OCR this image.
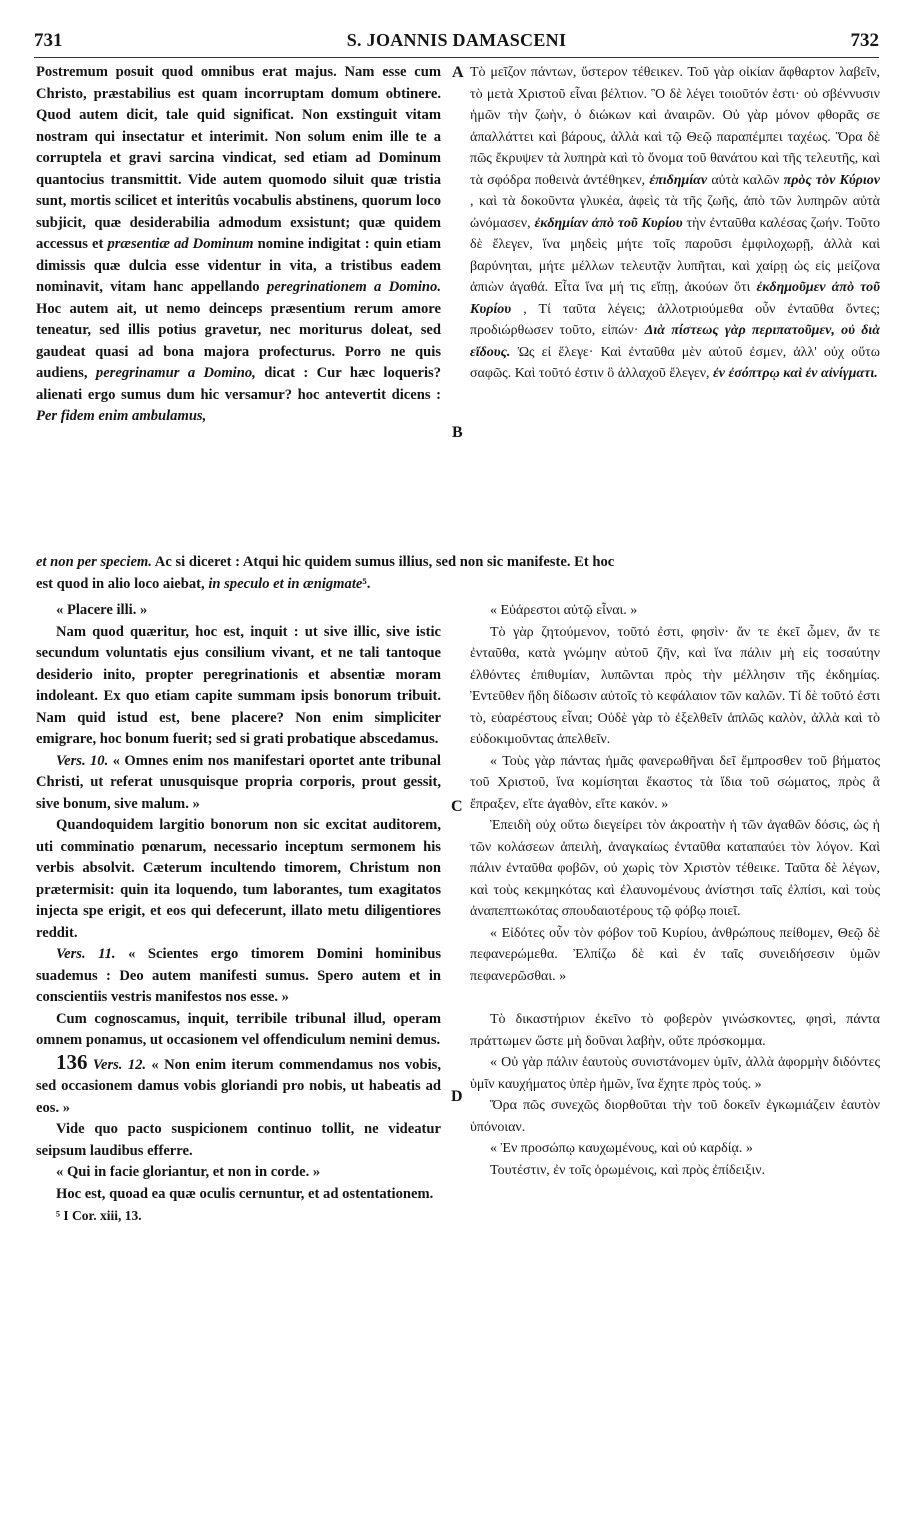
731	S. JOANNIS DAMASCENI	732

Postremum posuit quod omnibus erat majus. Nam esse cum Christo, præstabilius est quam incorruptam domum obtinere. Quod autem dicit, tale quid significat. Non exstinguit vitam nostram qui insectatur et interimit. Non solum enim ille te a corruptela et gravi sarcina vindicat, sed etiam ad Dominum quantocius transmittit. Vide autem quomodo siluit quæ tristia sunt, mortis scilicet et interitûs vocabulis abstinens, quorum loco subjicit, quæ desiderabilia admodum exsistunt; quæ quidem accessus et præsentiæ ad Dominum nomine indigitat : quin etiam dimissis quæ dulcia esse videntur in vita, a tristibus eadem nominavit, vitam hanc appellando peregrinationem a Domino. Hoc autem ait, ut nemo deinceps præsentium rerum amore teneatur, sed illis potius gravetur, nec moriturus doleat, sed gaudeat quasi ad bona majora profecturus. Porro ne quis audiens, peregrinamur a Domino, dicat : Cur hæc loqueris? alienati ergo sumus dum hic versamur? hoc antevertit dicens : Per fidem enim ambulamus,

Τὸ μεῖζον πάντων, ὕστερον τέθεικεν. Τοῦ γὰρ οἰκίαν ἄφθαρτον λαβεῖν, τὸ μετὰ Χριστοῦ εἶναι βέλτιον. Ὃ δὲ λέγει τοιοῦτόν ἐστι· οὐ σβέννυσιν ἡμῶν τὴν ζωὴν, ὁ διώκων καὶ ἀναιρῶν. Οὐ γὰρ μόνον φθορᾶς σε ἀπαλλάττει καὶ βάρους, ἀλλὰ καὶ τῷ Θεῷ παραπέμπει ταχέως. Ὅρα δὲ πῶς ἔκρυψεν τὰ λυπηρὰ καὶ τὸ ὄνομα τοῦ θανάτου καὶ τῆς τελευτῆς, καὶ τὰ σφόδρα ποθεινὰ ἀντέθηκεν, ἐπιδημίαν αὐτὰ καλῶν πρὸς τὸν Κύριον , καὶ τὰ δοκοῦντα γλυκέα, ἀφεὶς τὰ τῆς ζωῆς, ἀπὸ τῶν λυπηρῶν αὐτὰ ὠνόμασεν, ἐκδημίαν ἀπὸ τοῦ Κυρίου τὴν ἐνταῦθα καλέσας ζωήν. Τοῦτο δὲ ἔλεγεν, ἵνα μηδεὶς μήτε τοῖς παροῦσι ἐμφιλοχωρῇ, ἀλλὰ καὶ βαρύνηται, μήτε μέλλων τελευτᾷν λυπῆται, καὶ χαίρῃ ὡς εἰς μείζονα ἀπιὼν ἀγαθά. Εἶτα ἵνα μή τις εἴπῃ, ἀκούων ὅτι ἐκδημοῦμεν ἀπὸ τοῦ Κυρίου , Τί ταῦτα λέγεις; ἀλλοτριούμεθα οὖν ἐνταῦθα ὄντες; προδιώρθωσεν τοῦτο, εἰπών· Διὰ πίστεως γὰρ περιπατοῦμεν, οὐ διὰ εἴδους. Ὡς εἰ ἔλεγε· Καὶ ἐνταῦθα μὲν αὐτοῦ ἐσμεν, ἀλλ' οὐχ οὕτω σαφῶς. Καὶ τοῦτό ἐστιν ὃ ἀλλαχοῦ ἔλεγεν, ἐν ἐσόπτρῳ καὶ ἐν αἰνίγματι.

et non per speciem. Ac si diceret : Atqui hic quidem sumus illius, sed non sic manifeste. Et hoc

est quod in alio loco aiebat, in speculo et in ænigmate⁵.

« Placere illi. »
Nam quod quæritur, hoc est, inquit : ut sive illic, sive istic secundum voluntatis ejus consilium vivant, et ne tali tantoque desiderio inito, propter peregrinationis et absentiæ moram indoleant. Ex quo etiam capite summam ipsis bonorum tribuit. Nam quid istud est, bene placere? Non enim simpliciter emigrare, hoc bonum fuerit; sed si grati probatique abscedamus.
Vers. 10. « Omnes enim nos manifestari oportet ante tribunal Christi, ut referat unusquisque propria corporis, prout gessit, sive bonum, sive malum. »
Quandoquidem largitio bonorum non sic excitat auditorem, uti comminatio pœnarum, necessario inceptum sermonem his verbis absolvit. Cæterum incultendo timorem, Christum non prætermisit: quin ita loquendo, tum laborantes, tum exagitatos injecta spe erigit, et eos qui defecerunt, illato metu diligentiores reddit.
Vers. 11. « Scientes ergo timorem Domini hominibus suademus : Deo autem manifesti sumus. Spero autem et in conscientiis vestris manifestos nos esse. »
Cum cognoscamus, inquit, terribile tribunal illud, operam omnem ponamus, ut occasionem vel offendiculum nemini demus.
136 Vers. 12. « Non enim iterum commendamus nos vobis, sed occasionem damus vobis gloriandi pro nobis, ut habeatis ad eos. »
Vide quo pacto suspicionem continuo tollit, ne videatur seipsum laudibus efferre.
« Qui in facie gloriantur, et non in corde. »
Hoc est, quoad ea quæ oculis cernuntur, et ad ostentationem.
⁵ I Cor. xiii, 13.
« Εὐάρεστοι αὐτῷ εἶναι. »
Τὸ γὰρ ζητούμενον, τοῦτό ἐστι, φησὶν· ἄν τε ἐκεῖ ὦμεν, ἄν τε ἐνταῦθα, κατὰ γνώμην αὐτοῦ ζῆν, καὶ ἵνα πάλιν μὴ εἰς τοσαύτην ἐλθόντες ἐπιθυμίαν, λυπῶνται πρὸς τὴν μέλλησιν τῆς ἐκδημίας. Ἐντεῦθεν ἤδη δίδωσιν αὐτοῖς τὸ κεφάλαιον τῶν καλῶν. Τί δὲ τοῦτό ἐστι τὸ, εὐαρέστους εἶναι; Οὐδὲ γὰρ τὸ ἐξελθεῖν ἁπλῶς καλὸν, ἀλλὰ καὶ τὸ εὐδοκιμοῦντας ἀπελθεῖν.
« Τοὺς γὰρ πάντας ἡμᾶς φανερωθῆναι δεῖ ἔμπροσθεν τοῦ βήματος τοῦ Χριστοῦ, ἵνα κομίσηται ἕκαστος τὰ ἴδια τοῦ σώματος, πρὸς ἃ ἔπραξεν, εἴτε ἀγαθὸν, εἴτε κακόν. »
Ἐπειδὴ οὐχ οὕτω διεγείρει τὸν ἀκροατὴν ἡ τῶν ἀγαθῶν δόσις, ὡς ἡ τῶν κολάσεων ἀπειλὴ, ἀναγκαίως ἐνταῦθα καταπαύει τὸν λόγον. Καὶ πάλιν ἐνταῦθα φοβῶν, οὐ χωρὶς τὸν Χριστὸν τέθεικε. Ταῦτα δὲ λέγων, καὶ τοὺς κεκμηκότας καὶ ἐλαυνομένους ἀνίστησι ταῖς ἐλπίσι, καὶ τοὺς ἀναπεπτωκότας σπουδαιοτέρους τῷ φόβῳ ποιεῖ.
« Εἰδότες οὖν τὸν φόβον τοῦ Κυρίου, ἀνθρώπους πείθομεν, Θεῷ δὲ πεφανερώμεθα. Ἐλπίζω δὲ καὶ ἐν ταῖς συνειδήσεσιν ὑμῶν πεφανερῶσθαι. »
Τὸ δικαστήριον ἐκεῖνο τὸ φοβερὸν γινώσκοντες, φησὶ, πάντα πράττωμεν ὥστε μὴ δοῦναι λαβὴν, οὔτε πρόσκομμα.
« Οὐ γὰρ πάλιν ἑαυτοὺς συνιστάνομεν ὑμῖν, ἀλλὰ ἀφορμὴν διδόντες ὑμῖν καυχήματος ὑπὲρ ἡμῶν, ἵνα ἔχητε πρὸς τούς. »
Ὅρα πῶς συνεχῶς διορθοῦται τὴν τοῦ δοκεῖν ἐγκωμιάζειν ἑαυτὸν ὑπόνοιαν.
« Ἐν προσώπῳ καυχωμένους, καὶ οὐ καρδίᾳ. »
Τουτέστιν, ἐν τοῖς ὁρωμένοις, καὶ πρὸς ἐπίδειξιν.
A
B
C
D
